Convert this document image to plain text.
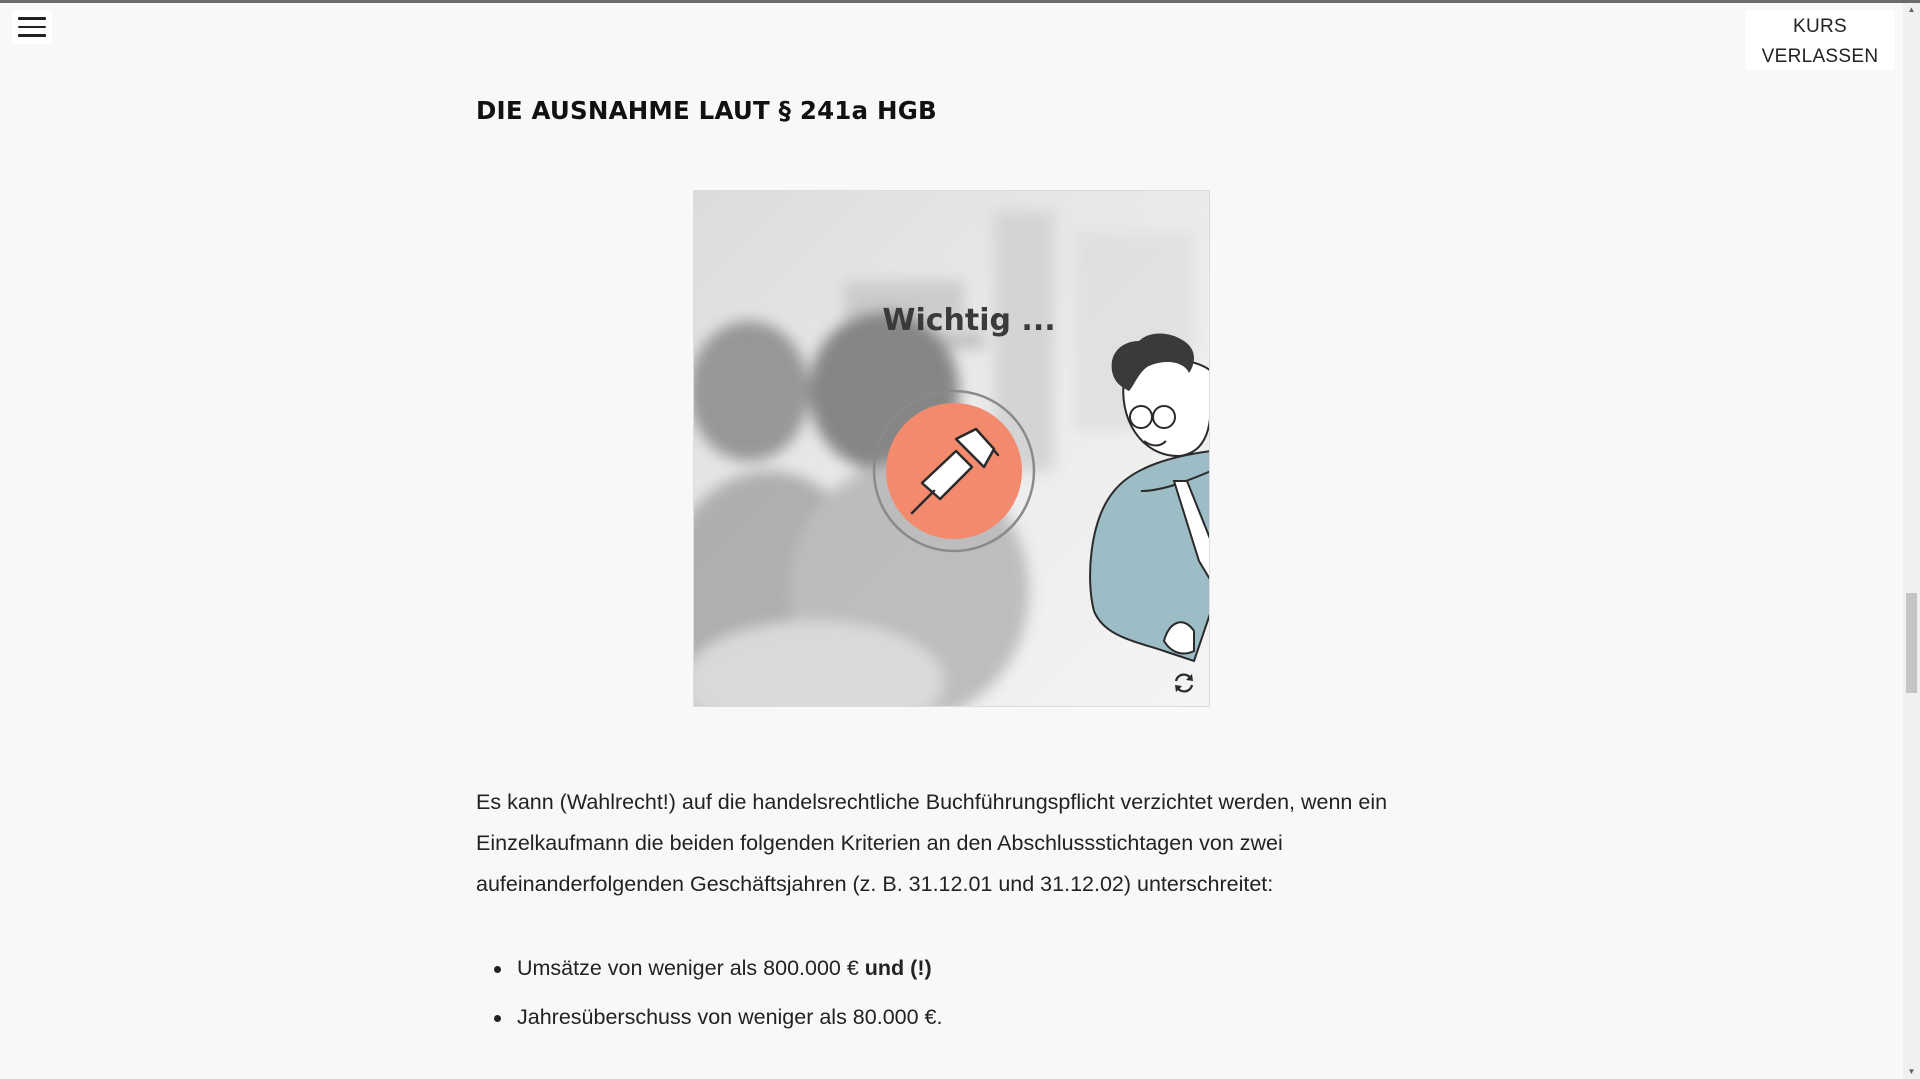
KURS
VERLASSEN
▲
▼
DIE AUSNAHME LAUT § 241a HGB
Wichtig ...

Es kann (Wahlrecht!) auf die handelsrechtliche Buchführungspflicht verzichtet werden, wenn ein
Einzelkaufmann die beiden folgenden Kriterien an den Abschlussstichtagen von zwei
aufeinanderfolgenden Geschäftsjahren (z. B. 31.12.01 und 31.12.02) unterschreitet:

Umsätze von weniger als 800.000 € und (!)
Jahresüberschuss von weniger als 80.000 €.
